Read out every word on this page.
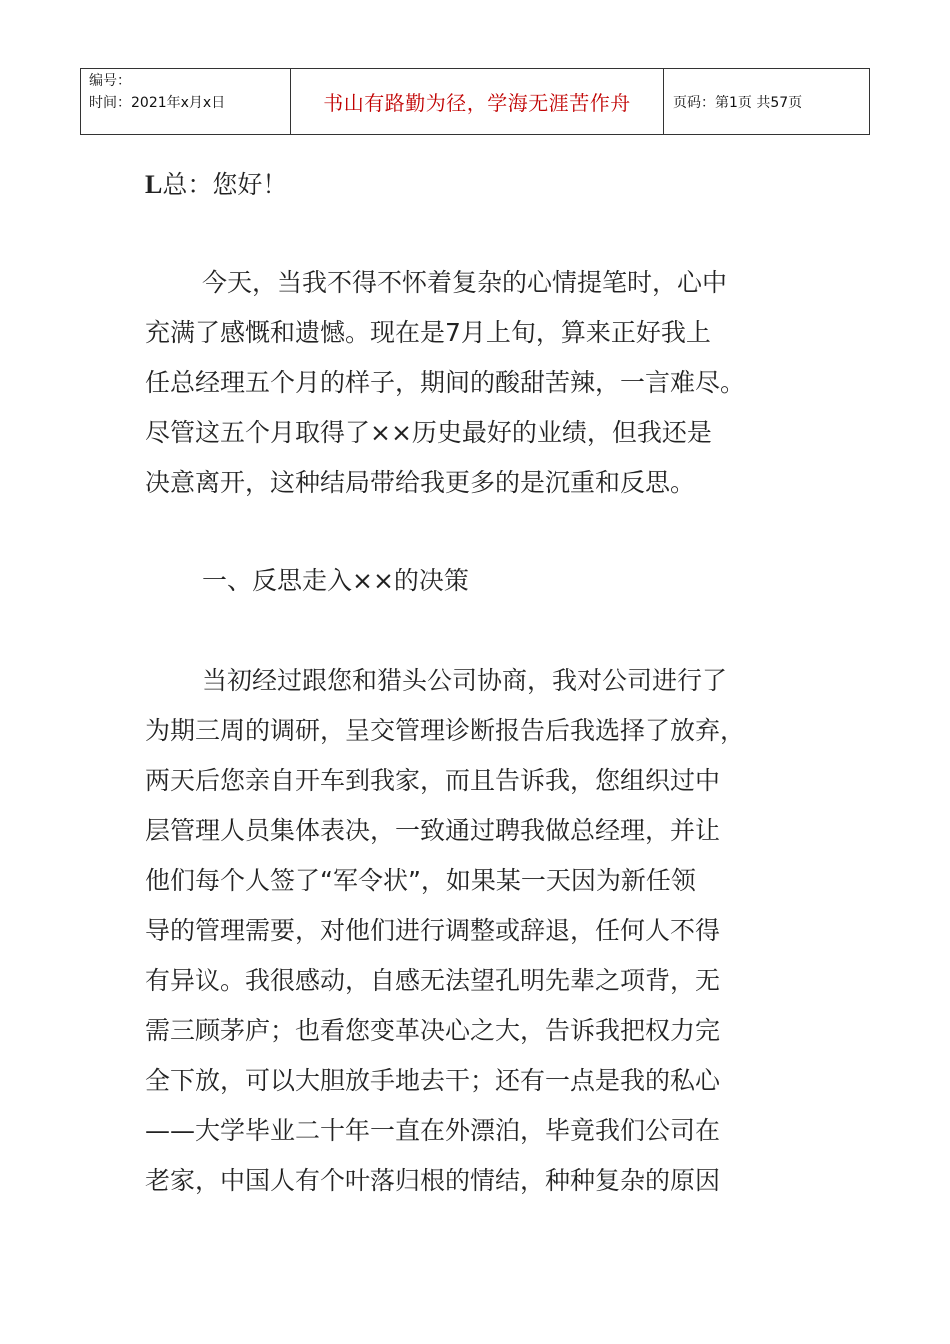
编号：
时间：2021年x月x日	书山有路勤为径，学海无涯苦作舟	页码：第1页 共57页
L总：您好！
今天，当我不得不怀着复杂的心情提笔时，心中
充满了感慨和遗憾。现在是7月上旬，算来正好我上
任总经理五个月的样子，期间的酸甜苦辣，一言难尽。
尽管这五个月取得了××历史最好的业绩，但我还是
决意离开，这种结局带给我更多的是沉重和反思。
一、反思走入××的决策
当初经过跟您和猎头公司协商，我对公司进行了
为期三周的调研，呈交管理诊断报告后我选择了放弃，
两天后您亲自开车到我家，而且告诉我，您组织过中
层管理人员集体表决，一致通过聘我做总经理，并让
他们每个人签了“军令状”，如果某一天因为新任领
导的管理需要，对他们进行调整或辞退，任何人不得
有异议。我很感动，自感无法望孔明先辈之项背，无
需三顾茅庐；也看您变革决心之大，告诉我把权力完
全下放，可以大胆放手地去干；还有一点是我的私心
——大学毕业二十年一直在外漂泊，毕竟我们公司在
老家，中国人有个叶落归根的情结，种种复杂的原因
